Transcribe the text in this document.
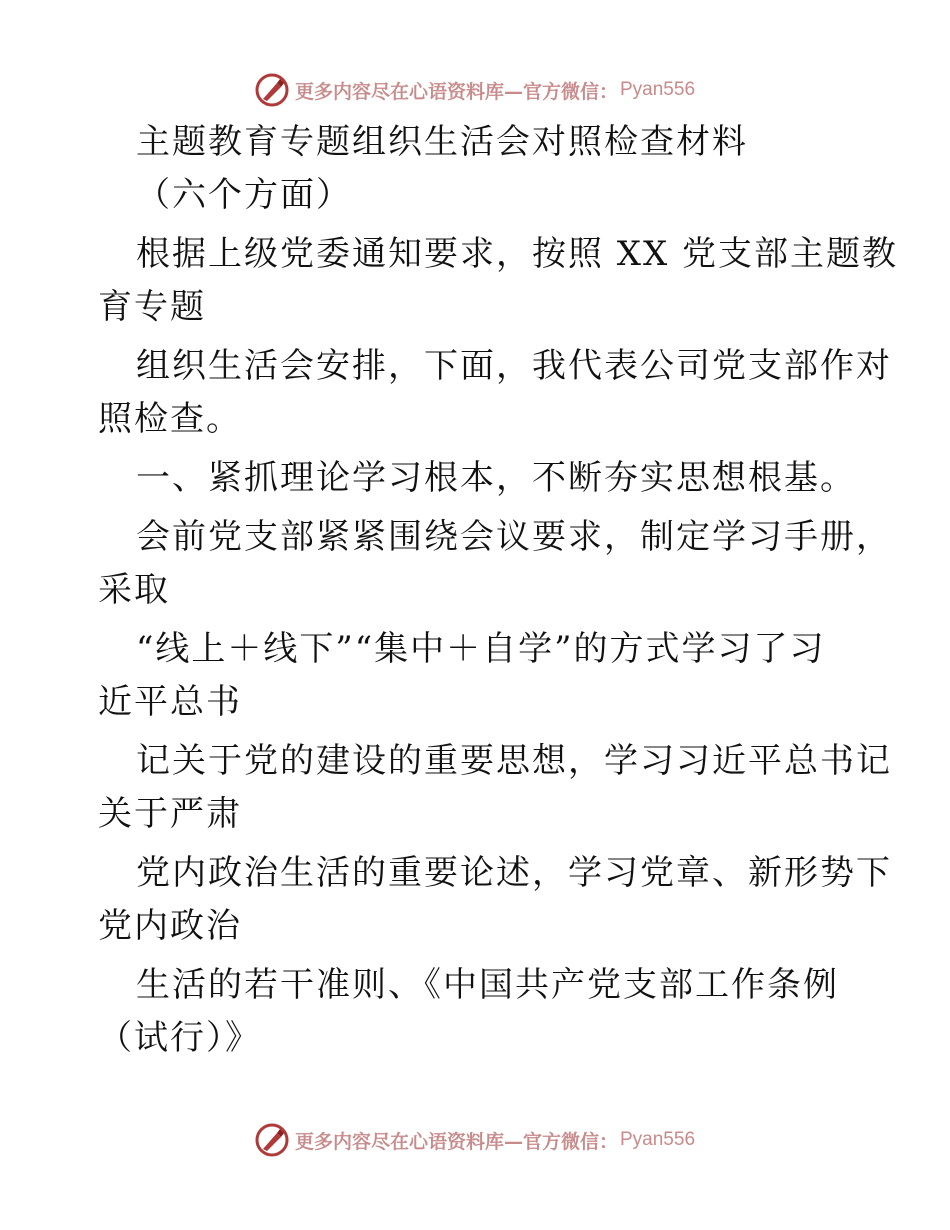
更多内容尽在心语资料库—官方微信： Pyan556

主题教育专题组织生活会对照检查材料

（六个方面）

根据上级党委通知要求，按照 XX 党支部主题教

育专题

组织生活会安排，下面，我代表公司党支部作对

照检查。

一、紧抓理论学习根本，不断夯实思想根基。

会前党支部紧紧围绕会议要求，制定学习手册，

采取

“线上＋线下”“集中＋自学”的方式学习了习

近平总书

记关于党的建设的重要思想，学习习近平总书记

关于严肃

党内政治生活的重要论述，学习党章、新形势下

党内政治

生活的若干准则、《中国共产党支部工作条例

（试行）》

更多内容尽在心语资料库—官方微信： Pyan556
